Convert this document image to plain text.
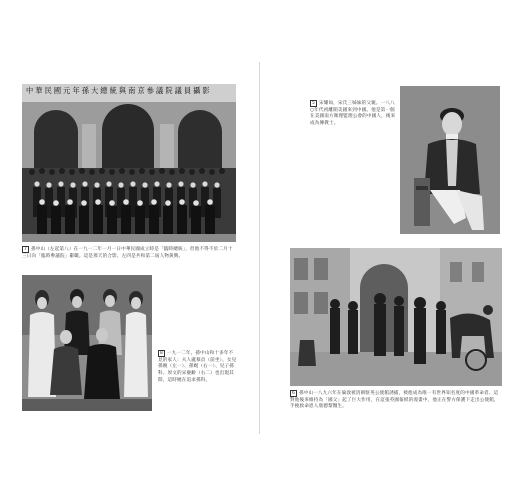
中華民國元年孫大總統與南京參議院議員攝影
7 孫中山（左起第八）在一九一二年一月一日中華民國成立時是「臨時總統」，但他不得不於二月十三日向「臨時參議院」辭職。這是那天的合影，左四是共和第二屆人物黃興。
8 一九一二年，孫中山和十多年不見的家人：夫人盧慕貞（前坐）、女兒孫婉（左一）、孫娫（右一）、兒子孫科。原文的宋慶齡（右二）也出現其間，這時她在追求孫科。
5 宋耀如，宋氏三姊妹的父親。一八八○年代初離開美國來到中國。他是第一個在美國南方衛理監理公會的中國人，後來成為傳教士。
6 孫中山一八九六年在倫敦被清朝駐英公使館誘捕，被他成為唯一有世界知名度的中國革命者。這對他後來維持為「國父」起了巨大作用，在這張英國報紙的漫畫中，他正在警方保護下走出公使館，手挽救命恩人康德黎醫生。
